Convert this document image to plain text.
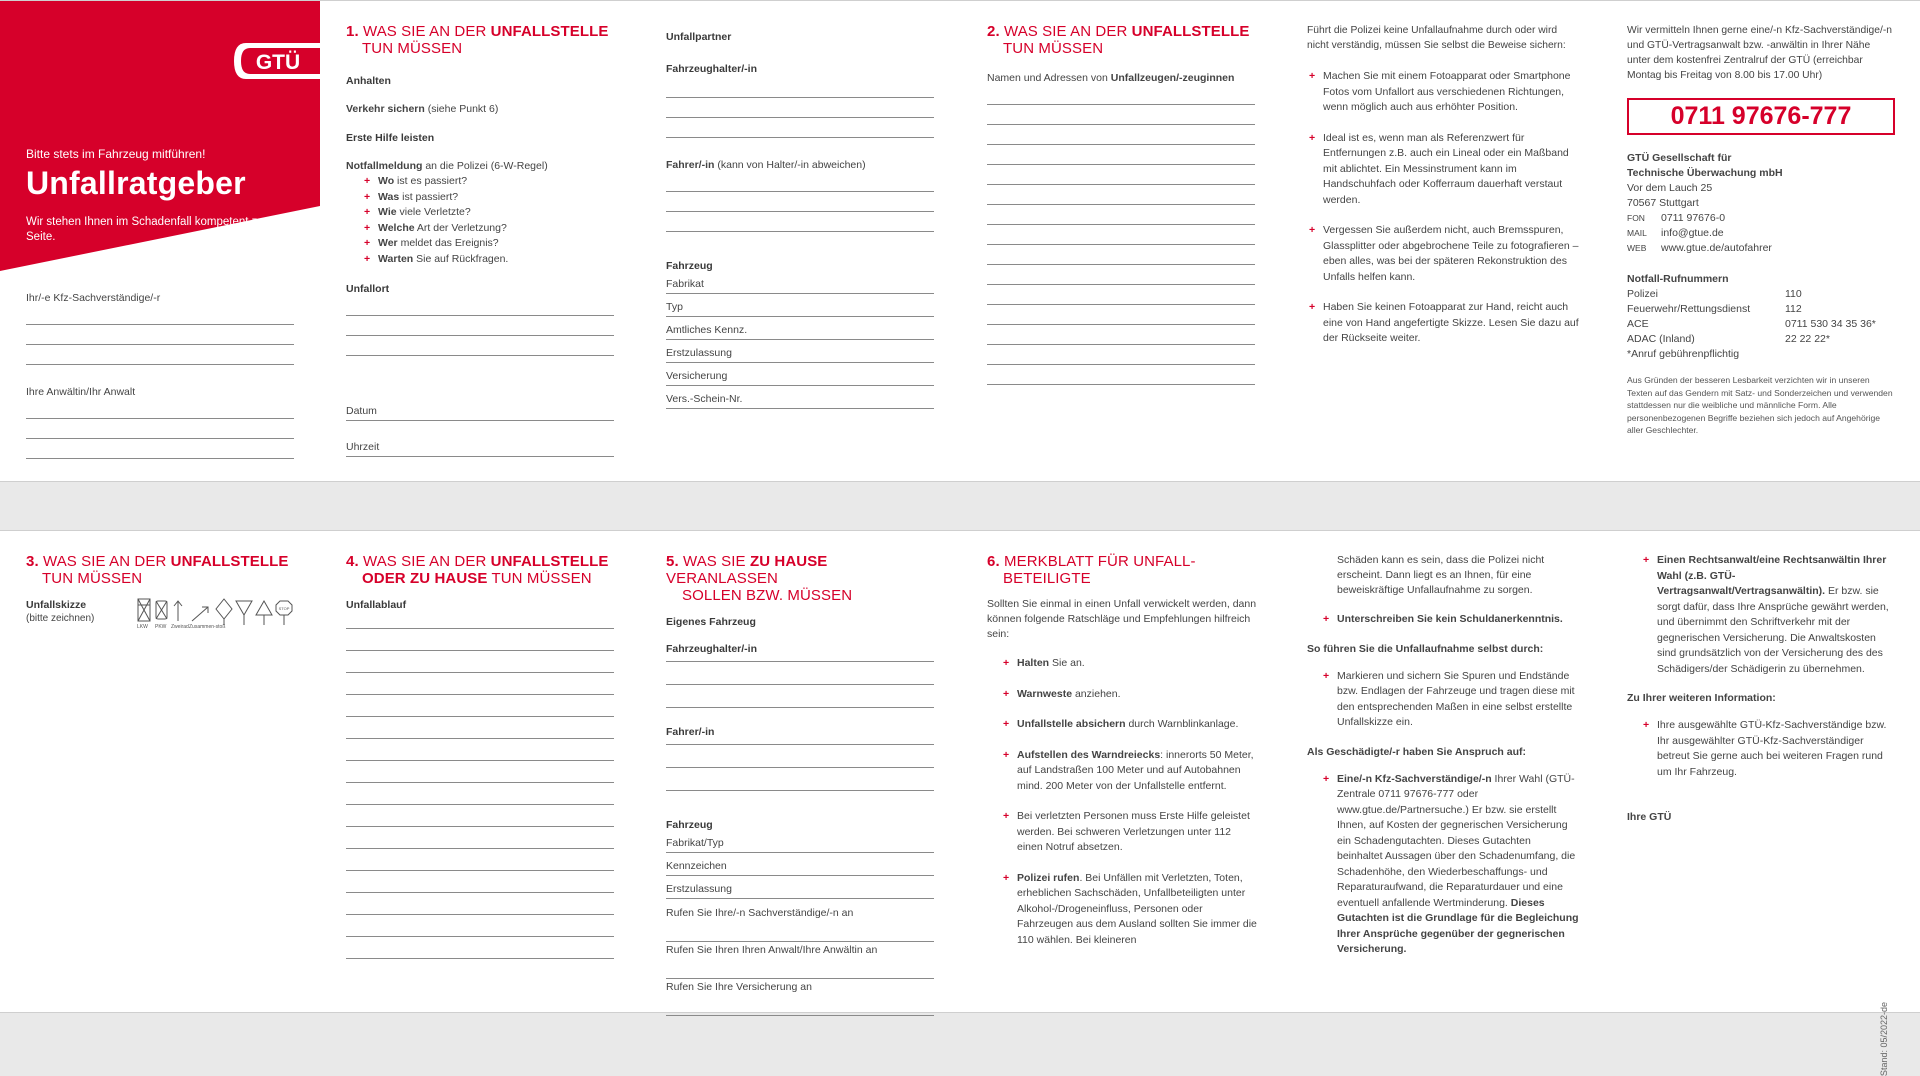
GTÜ
Bitte stets im Fahrzeug mitführen!
Unfallratgeber
Wir stehen Ihnen im Schadenfall kompetent zur Seite.
Ihr/-e Kfz-Sachverständige/-r
Ihre Anwältin/Ihr Anwalt
1. WAS SIE AN DER UNFALLSTELLE
TUN MÜSSEN
Anhalten
Verkehr sichern (siehe Punkt 6)
Erste Hilfe leisten
Notfallmeldung an die Polizei (6-W-Regel)
+ Wo ist es passiert?
+ Was ist passiert?
+ Wie viele Verletzte?
+ Welche Art der Verletzung?
+ Wer meldet das Ereignis?
+ Warten Sie auf Rückfragen.
Unfallort
Datum
Uhrzeit
Unfallpartner
Fahrzeughalter/-in
Fahrer/-in (kann von Halter/-in abweichen)
Fahrzeug
Fabrikat
Typ
Amtliches Kennz.
Erstzulassung
Versicherung
Vers.-Schein-Nr.
2. WAS SIE AN DER UNFALLSTELLE
TUN MÜSSEN
Namen und Adressen von Unfallzeugen/-zeuginnen
Führt die Polizei keine Unfallaufnahme durch oder wird nicht verständig, müssen Sie selbst die Beweise sichern:
+ Machen Sie mit einem Fotoapparat oder Smartphone Fotos vom Unfallort aus verschiedenen Richtungen, wenn möglich auch aus erhöhter Position.
+ Ideal ist es, wenn man als Referenzwert für Entfernungen z.B. auch ein Lineal oder ein Maßband mit ablichtet. Ein Messinstrument kann im Handschuhfach oder Kofferraum dauerhaft verstaut werden.
+ Vergessen Sie außerdem nicht, auch Bremsspuren, Glassplitter oder abgebrochene Teile zu fotografieren – eben alles, was bei der späteren Rekonstruktion des Unfalls helfen kann.
+ Haben Sie keinen Fotoapparat zur Hand, reicht auch eine von Hand angefertigte Skizze. Lesen Sie dazu auf der Rückseite weiter.
Wir vermitteln Ihnen gerne eine/-n Kfz-Sachverständige/-n und GTÜ-Vertragsanwalt bzw. -anwältin in Ihrer Nähe unter dem kostenfrei Zentralruf der GTÜ (erreichbar Montag bis Freitag von 8.00 bis 17.00 Uhr)
0711 97676-777
GTÜ Gesellschaft für
Technische Überwachung mbH
Vor dem Lauch 25
70567 Stuttgart
FON 0711 97676-0
MAIL info@gtue.de
WEB www.gtue.de/autofahrer
Notfall-Rufnummern
Polizei	110
Feuerwehr/Rettungsdienst	112
ACE	0711 530 34 35 36*
ADAC (Inland)	22 22 22*
*Anruf gebührenpflichtig
Aus Gründen der besseren Lesbarkeit verzichten wir in unseren Texten auf das Gendern mit Satz- und Sonderzeichen und verwenden stattdessen nur die weibliche und männliche Form. Alle personenbezogenen Begriffe beziehen sich jedoch auf Angehörige aller Geschlechter.
3. WAS SIE AN DER UNFALLSTELLE
TUN MÜSSEN
Unfallskizze
(bitte zeichnen)
STOP
LKW PKW Zweirad Zusammen-stoß
4. WAS SIE AN DER UNFALLSTELLE
ODER ZU HAUSE TUN MÜSSEN
Unfallablauf
5. WAS SIE ZU HAUSE VERANLASSEN
SOLLEN BZW. MÜSSEN
Eigenes Fahrzeug
Fahrzeughalter/-in
Fahrer/-in
Fahrzeug
Fabrikat/Typ
Kennzeichen
Erstzulassung
Rufen Sie Ihre/-n Sachverständige/-n an
Rufen Sie Ihren Ihren Anwalt/Ihre Anwältin an
Rufen Sie Ihre Versicherung an
6. MERKBLATT FÜR UNFALL-
BETEILIGTE
Sollten Sie einmal in einen Unfall verwickelt werden, dann können folgende Ratschläge und Empfehlungen hilfreich sein:
+ Halten Sie an.
+ Warnweste anziehen.
+ Unfallstelle absichern durch Warnblinkanlage.
+ Aufstellen des Warndreiecks: innerorts 50 Meter, auf Landstraßen 100 Meter und auf Autobahnen mind. 200 Meter von der Unfallstelle entfernt.
+ Bei verletzten Personen muss Erste Hilfe geleistet werden. Bei schweren Verletzungen unter 112 einen Notruf absetzen.
+ Polizei rufen. Bei Unfällen mit Verletzten, Toten, erheblichen Sachschäden, Unfallbeteiligten unter Alkohol-/Drogeneinfluss, Personen oder Fahrzeugen aus dem Ausland sollten Sie immer die 110 wählen. Bei kleineren
Schäden kann es sein, dass die Polizei nicht erscheint. Dann liegt es an Ihnen, für eine beweiskräftige Unfallaufnahme zu sorgen.
+ Unterschreiben Sie kein Schuldanerkenntnis.
So führen Sie die Unfallaufnahme selbst durch:
+ Markieren und sichern Sie Spuren und Endstände bzw. Endlagen der Fahrzeuge und tragen diese mit den entsprechenden Maßen in eine selbst erstellte Unfallskizze ein.
Als Geschädigte/-r haben Sie Anspruch auf:
+ Eine/-n Kfz-Sachverständige/-n Ihrer Wahl (GTÜ-Zentrale 0711 97676-777 oder www.gtue.de/Partnersuche.) Er bzw. sie erstellt Ihnen, auf Kosten der gegnerischen Versicherung ein Schadengutachten. Dieses Gutachten beinhaltet Aussagen über den Schadenumfang, die Schadenhöhe, den Wiederbeschaffungs- und Reparaturaufwand, die Reparaturdauer und eine eventuell anfallende Wertminderung. Dieses Gutachten ist die Grundlage für die Begleichung Ihrer Ansprüche gegenüber der gegnerischen Versicherung.
+ Einen Rechtsanwalt/eine Rechtsanwältin Ihrer Wahl (z.B. GTÜ-Vertragsanwalt/Vertragsanwältin). Er bzw. sie sorgt dafür, dass Ihre Ansprüche gewährt werden, und übernimmt den Schriftverkehr mit der gegnerischen Versicherung. Die Anwaltskosten sind grundsätzlich von der Versicherung des des Schädigers/der Schädigerin zu übernehmen.
Zu Ihrer weiteren Information:
+ Ihre ausgewählte GTÜ-Kfz-Sachverständige bzw. Ihr ausgewählter GTÜ-Kfz-Sachverständiger betreut Sie gerne auch bei weiteren Fragen rund um Ihr Fahrzeug.
Ihre GTÜ
Stand: 05/2022-de
